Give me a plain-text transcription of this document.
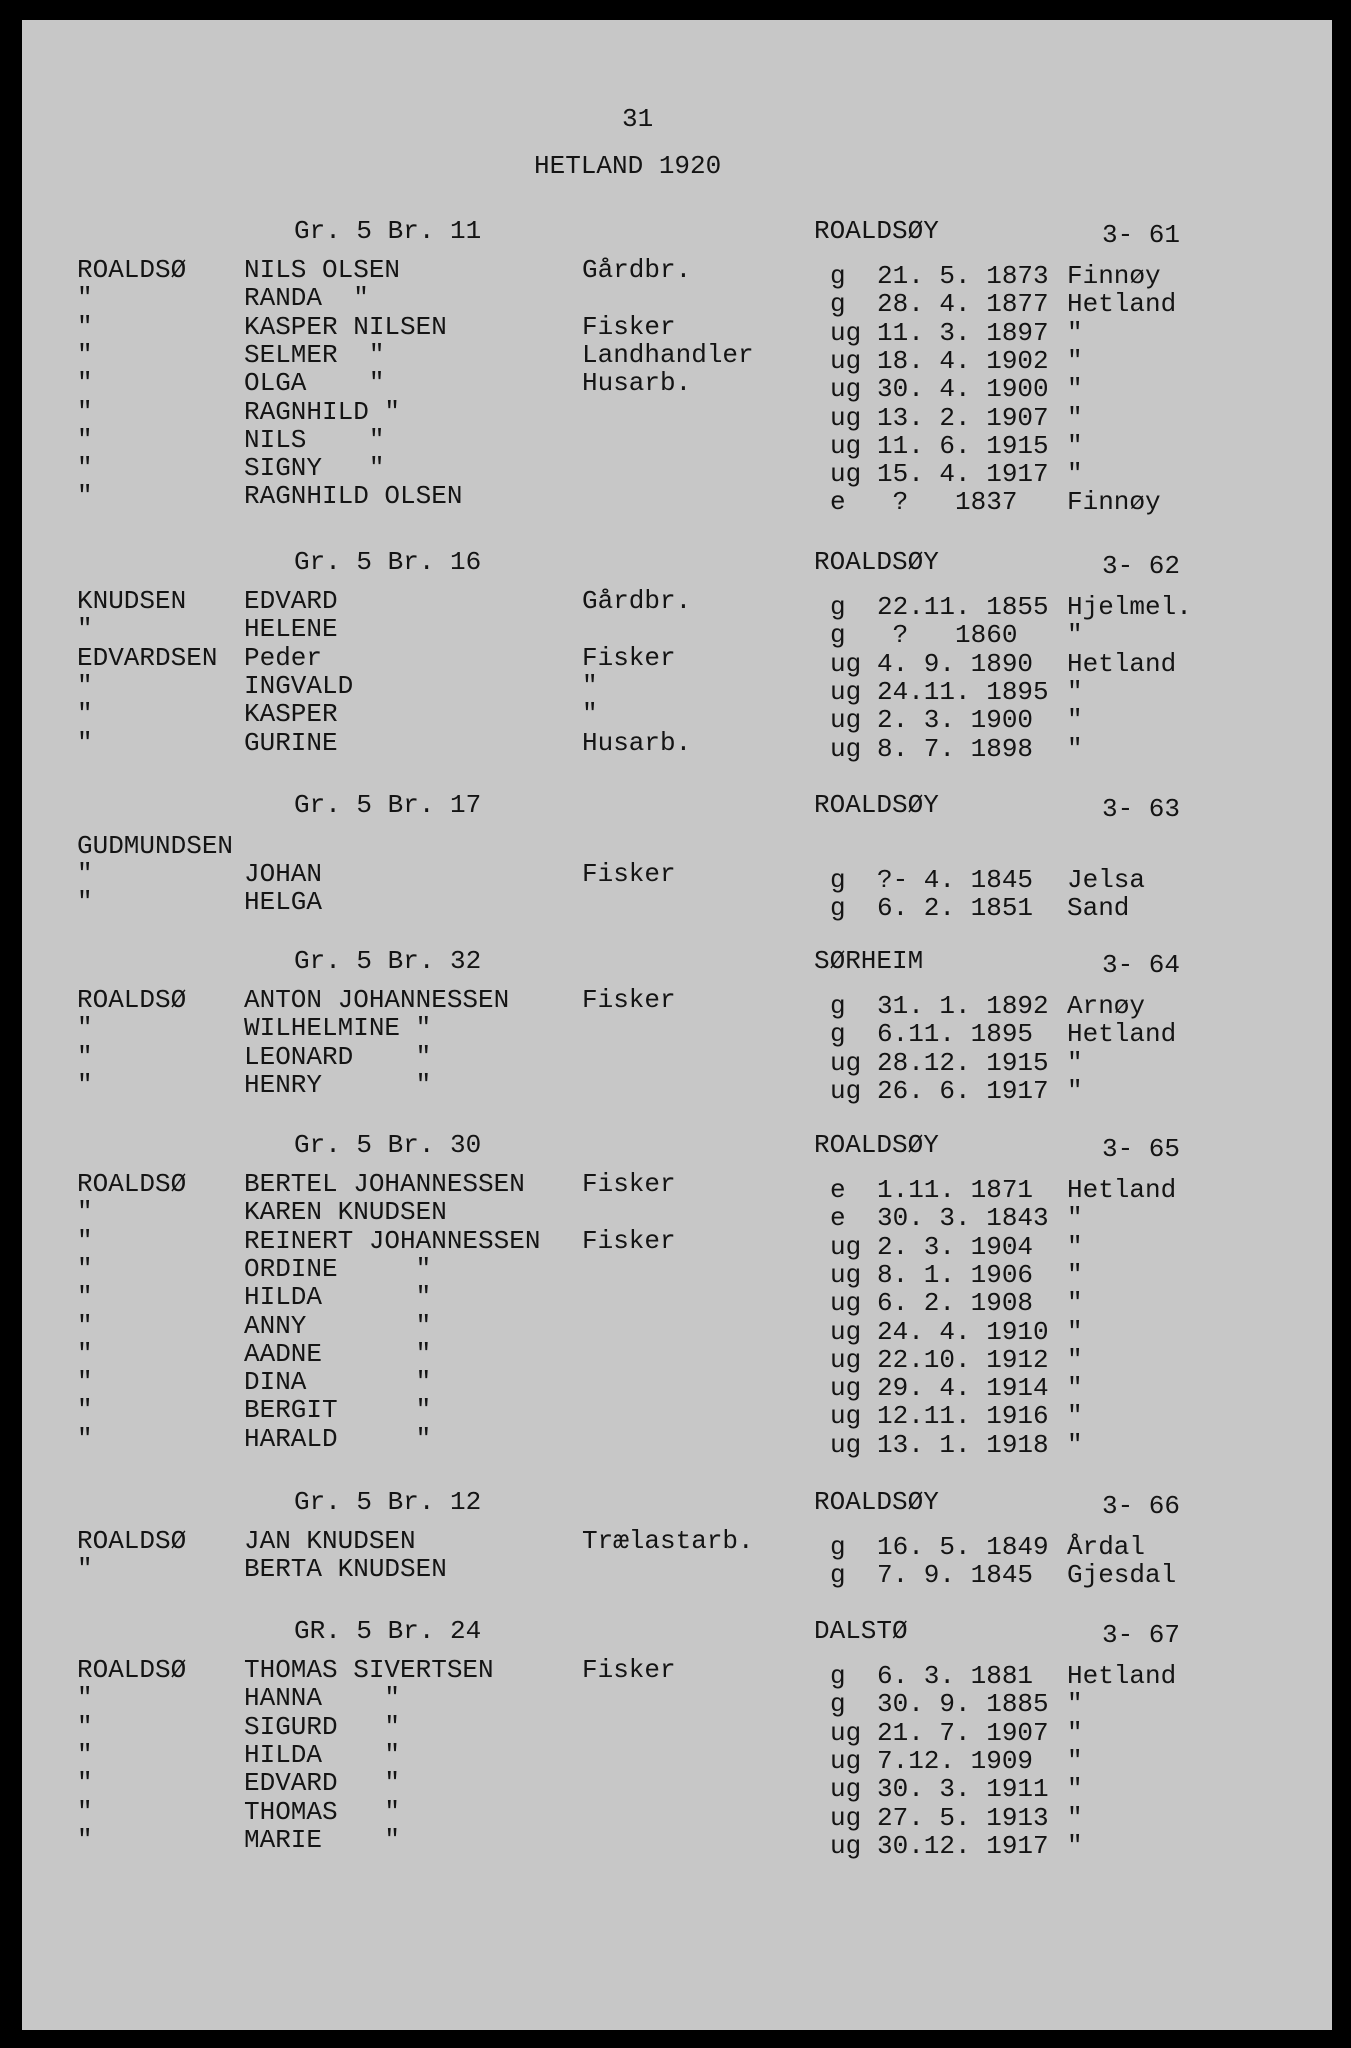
31
HETLAND 1920
Gr. 5 Br. 11	ROALDSØY	3- 61
ROALDSØ NILS OLSEN	Gårdbr.	g 21. 5. 1873 Finnøy
"	RANDA  "	g 28. 4. 1877 Hetland
"	KASPER NILSEN	Fisker	ug 11. 3. 1897 "
"	SELMER  "	Landhandler	ug 18. 4. 1902 "
"	OLGA    "	Husarb.	ug 30. 4. 1900 "
"	RAGNHILD "	ug 13. 2. 1907 "
"	NILS    "	ug 11. 6. 1915 "
"	SIGNY   "	ug 15. 4. 1917 "
"	RAGNHILD OLSEN	e ?   1837 Finnøy
Gr. 5 Br. 16	ROALDSØY	3- 62
KNUDSEN EDVARD	Gårdbr.	g 22.11. 1855 Hjelmel.
"	HELENE	g ?   1860 "
EDVARDSEN Peder	Fisker	ug 4. 9. 1890 Hetland
"	INGVALD	"	ug 24.11. 1895 "
"	KASPER	"	ug 2. 3. 1900 "
"	GURINE	Husarb.	ug 8. 7. 1898 "
Gr. 5 Br. 17	ROALDSØY	3- 63
GUDMUNDSEN
"	JOHAN	Fisker	g ?- 4. 1845 Jelsa
"	HELGA	g 6. 2. 1851 Sand
Gr. 5 Br. 32	SØRHEIM	3- 64
ROALDSØ ANTON JOHANNESSEN	Fisker	g 31. 1. 1892 Arnøy
"	WILHELMINE "	g 6.11. 1895 Hetland
"	LEONARD    "	ug 28.12. 1915 "
"	HENRY      "	ug 26. 6. 1917 "
Gr. 5 Br. 30	ROALDSØY	3- 65
ROALDSØ BERTEL JOHANNESSEN Fisker	e 1.11. 1871 Hetland
"	KAREN KNUDSEN	e 30. 3. 1843 "
"	REINERT JOHANNESSEN Fisker	ug 2. 3. 1904 "
"	ORDINE     "	ug 8. 1. 1906 "
"	HILDA      "	ug 6. 2. 1908 "
"	ANNY       "	ug 24. 4. 1910 "
"	AADNE      "	ug 22.10. 1912 "
"	DINA       "	ug 29. 4. 1914 "
"	BERGIT     "	ug 12.11. 1916 "
"	HARALD     "	ug 13. 1. 1918 "
Gr. 5 Br. 12	ROALDSØY	3- 66
ROALDSØ JAN KNUDSEN	Trælastarb.	g 16. 5. 1849 Årdal
"	BERTA KNUDSEN	g 7. 9. 1845 Gjesdal
GR. 5 Br. 24	DALSTØ	3- 67
ROALDSØ THOMAS SIVERTSEN	Fisker	g 6. 3. 1881 Hetland
"	HANNA    "	g 30. 9. 1885 "
"	SIGURD   "	ug 21. 7. 1907 "
"	HILDA    "	ug 7.12. 1909 "
"	EDVARD   "	ug 30. 3. 1911 "
"	THOMAS   "	ug 27. 5. 1913 "
"	MARIE    "	ug 30.12. 1917 "
